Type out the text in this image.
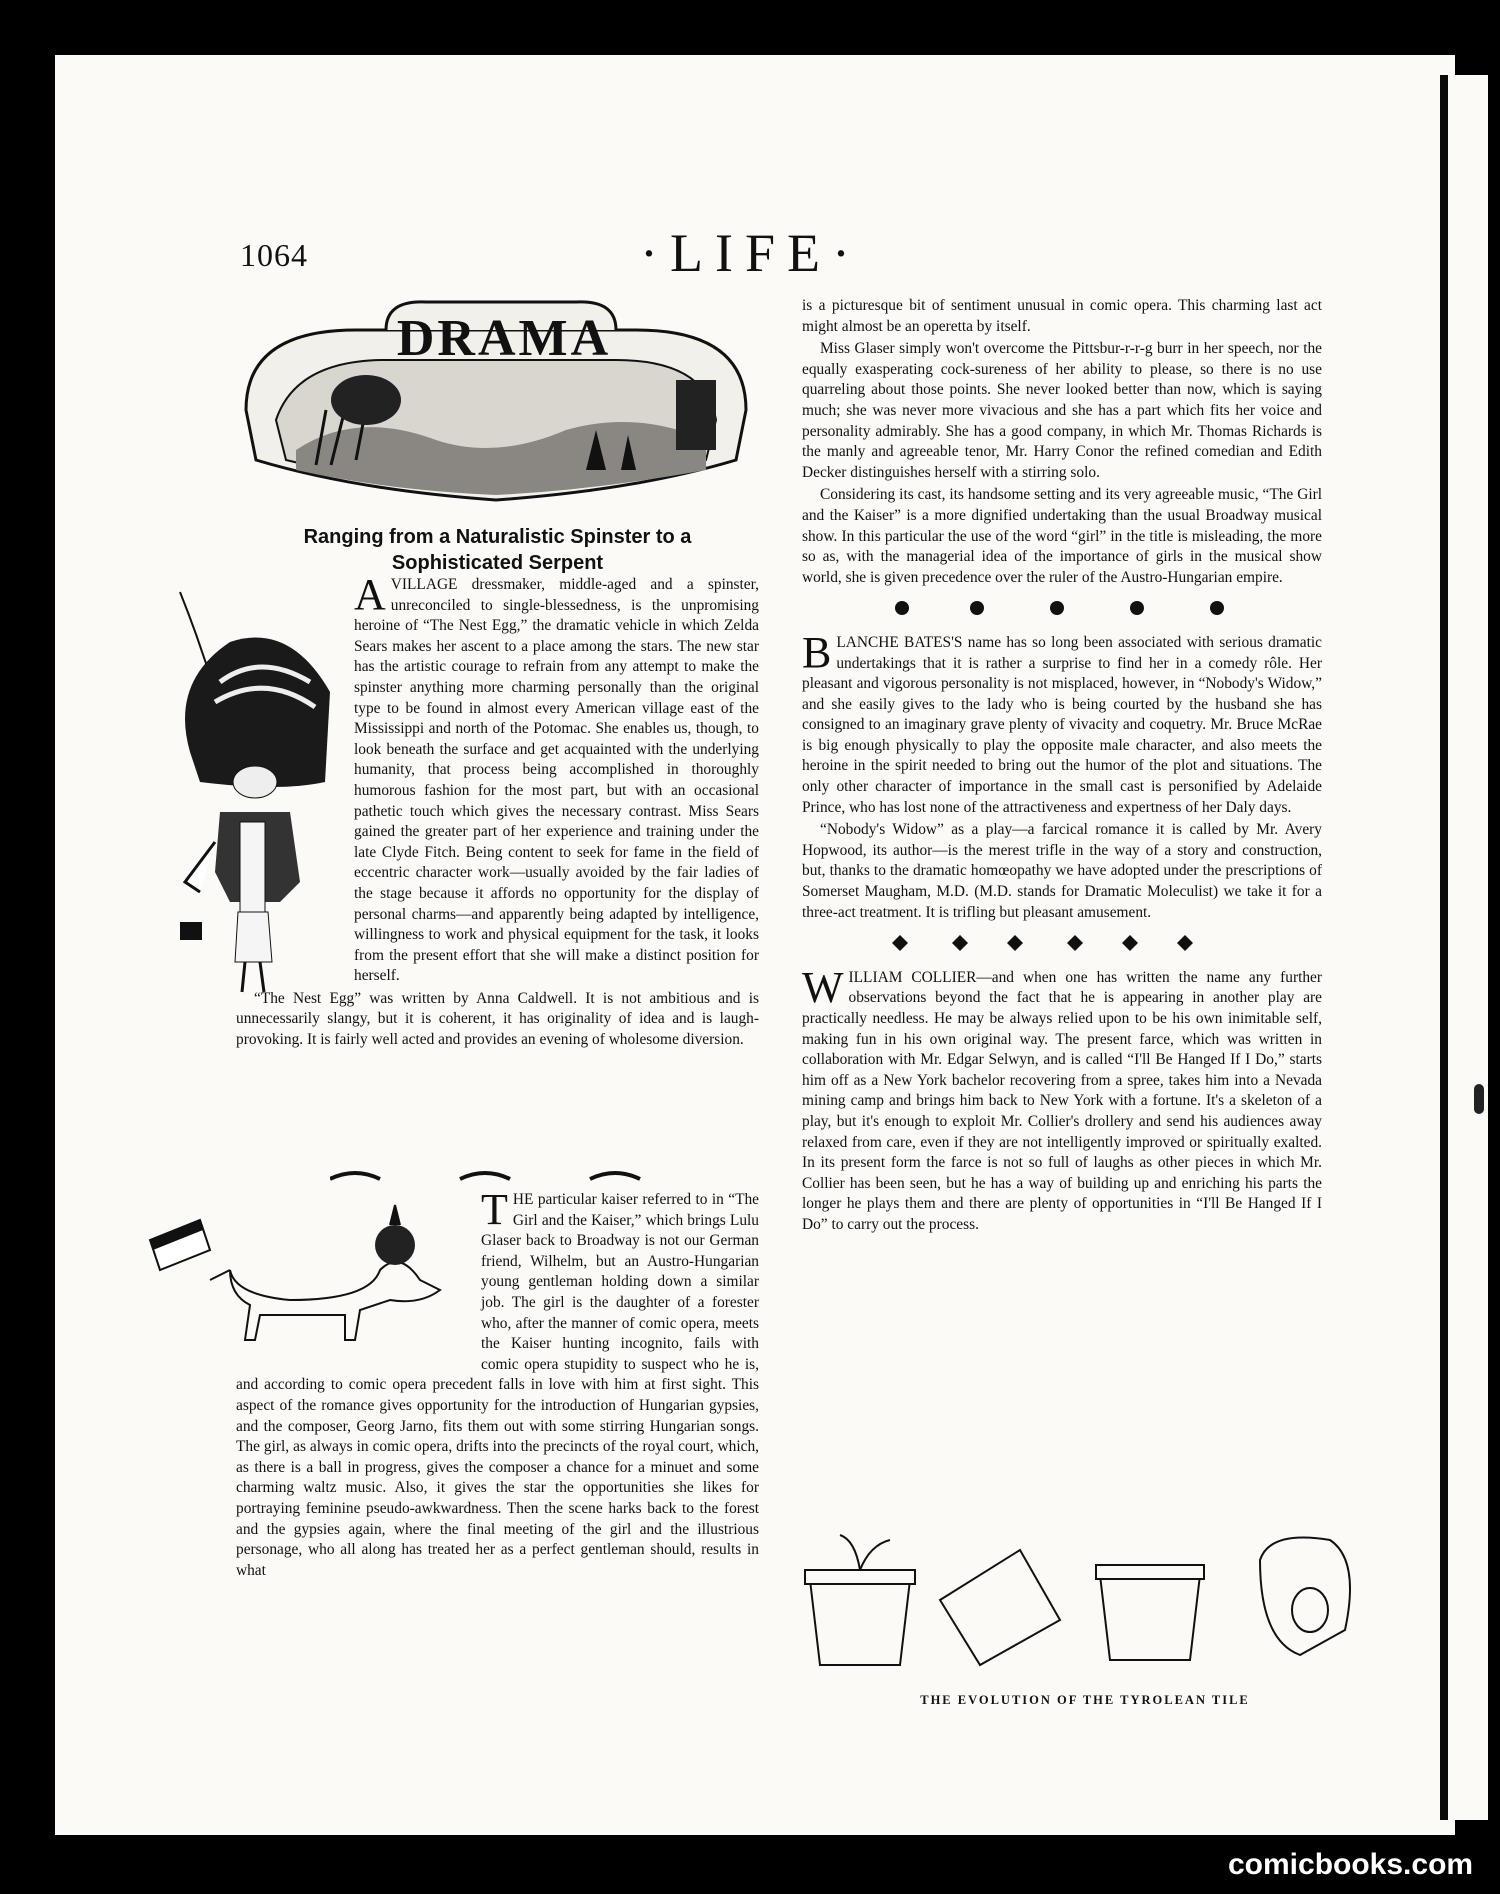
1064	·LIFE·
DRAMA
Ranging from a Naturalistic Spinster to a Sophisticated Serpent

AVILLAGE dressmaker, middle-aged and a spinster, unreconciled to single-blessedness, is the unpromising heroine of “The Nest Egg,” the dramatic vehicle in which Zelda Sears makes her ascent to a place among the stars. The new star has the artistic courage to refrain from any attempt to make the spinster anything more charming personally than the original type to be found in almost every American village east of the Mississippi and north of the Potomac. She enables us, though, to look beneath the surface and get acquainted with the underlying humanity, that process being accomplished in thoroughly humorous fashion for the most part, but with an occasional pathetic touch which gives the necessary contrast. Miss Sears gained the greater part of her experience and training under the late Clyde Fitch. Being content to seek for fame in the field of eccentric character work—usually avoided by the fair ladies of the stage because it affords no opportunity for the display of personal charms—and apparently being adapted by intelligence, willingness to work and physical equipment for the task, it looks from the present effort that she will make a distinct position for herself.

“The Nest Egg” was written by Anna Caldwell. It is not ambitious and is unnecessarily slangy, but it is coherent, it has originality of idea and is laugh-provoking. It is fairly well acted and provides an evening of wholesome diversion.

THE particular kaiser referred to in “The Girl and the Kaiser,” which brings Lulu Glaser back to Broadway is not our German friend, Wilhelm, but an Austro-Hungarian young gentleman holding down a similar job. The girl is the daughter of a forester who, after the manner of comic opera, meets the Kaiser hunting incognito, fails with comic opera stupidity to suspect who he is, and according to comic opera precedent falls in love with him at first sight. This aspect of the romance gives opportunity for the introduction of Hungarian gypsies, and the composer, Georg Jarno, fits them out with some stirring Hungarian songs. The girl, as always in comic opera, drifts into the precincts of the royal court, which, as there is a ball in progress, gives the composer a chance for a minuet and some charming waltz music. Also, it gives the star the opportunities she likes for portraying feminine pseudo-awkwardness. Then the scene harks back to the forest and the gypsies again, where the final meeting of the girl and the illustrious personage, who all along has treated her as a perfect gentleman should, results in what

is a picturesque bit of sentiment unusual in comic opera. This charming last act might almost be an operetta by itself.

Miss Glaser simply won't overcome the Pittsbur-r-r-g burr in her speech, nor the equally exasperating cock-sureness of her ability to please, so there is no use quarreling about those points. She never looked better than now, which is saying much; she was never more vivacious and she has a part which fits her voice and personality admirably. She has a good company, in which Mr. Thomas Richards is the manly and agreeable tenor, Mr. Harry Conor the refined comedian and Edith Decker distinguishes herself with a stirring solo.

Considering its cast, its handsome setting and its very agreeable music, “The Girl and the Kaiser” is a more dignified undertaking than the usual Broadway musical show. In this particular the use of the word “girl” in the title is misleading, the more so as, with the managerial idea of the importance of girls in the musical show world, she is given precedence over the ruler of the Austro-Hungarian empire.

BLANCHE BATES'S name has so long been associated with serious dramatic undertakings that it is rather a surprise to find her in a comedy rôle. Her pleasant and vigorous personality is not misplaced, however, in “Nobody's Widow,” and she easily gives to the lady who is being courted by the husband she has consigned to an imaginary grave plenty of vivacity and coquetry. Mr. Bruce McRae is big enough physically to play the opposite male character, and also meets the heroine in the spirit needed to bring out the humor of the plot and situations. The only other character of importance in the small cast is personified by Adelaide Prince, who has lost none of the attractiveness and expertness of her Daly days.

“Nobody's Widow” as a play—a farcical romance it is called by Mr. Avery Hopwood, its author—is the merest trifle in the way of a story and construction, but, thanks to the dramatic homœopathy we have adopted under the prescriptions of Somerset Maugham, M.D. (M.D. stands for Dramatic Moleculist) we take it for a three-act treatment. It is trifling but pleasant amusement.

WILLIAM COLLIER—and when one has written the name any further observations beyond the fact that he is appearing in another play are practically needless. He may be always relied upon to be his own inimitable self, making fun in his own original way. The present farce, which was written in collaboration with Mr. Edgar Selwyn, and is called “I'll Be Hanged If I Do,” starts him off as a New York bachelor recovering from a spree, takes him into a Nevada mining camp and brings him back to New York with a fortune. It's a skeleton of a play, but it's enough to exploit Mr. Collier's drollery and send his audiences away relaxed from care, even if they are not intelligently improved or spiritually exalted. In its present form the farce is not so full of laughs as other pieces in which Mr. Collier has been seen, but he has a way of building up and enriching his parts the longer he plays them and there are plenty of opportunities in “I'll Be Hanged If I Do” to carry out the process.

THE EVOLUTION OF THE TYROLEAN TILE
comicbooks.com
